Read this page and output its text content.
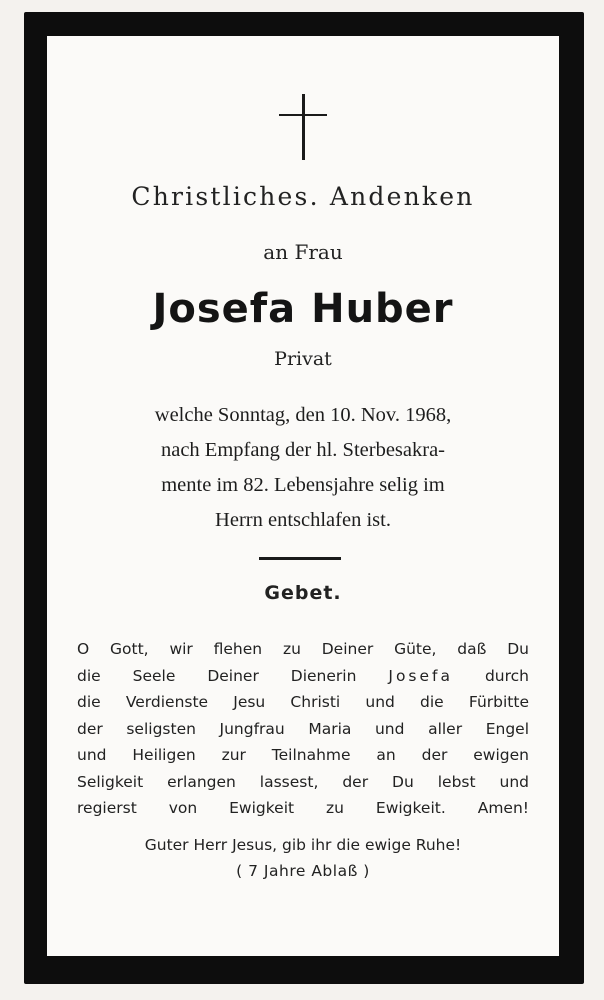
Christliches. Andenken
an Frau
Josefa Huber
Privat
welche Sonntag, den 10. Nov. 1968,
nach Empfang der hl. Sterbesakra-
mente im 82. Lebensjahre selig im
Herrn entschlafen ist.
Gebet.
O Gott, wir flehen zu Deiner Güte, daß Du
die Seele Deiner Dienerin Josefa durch
die Verdienste Jesu Christi und die Fürbitte
der seligsten Jungfrau Maria und aller Engel
und Heiligen zur Teilnahme an der ewigen
Seligkeit erlangen lassest, der Du lebst und
regierst von Ewigkeit zu Ewigkeit. Amen!
Guter Herr Jesus, gib ihr die ewige Ruhe!
( 7 Jahre Ablaß )
